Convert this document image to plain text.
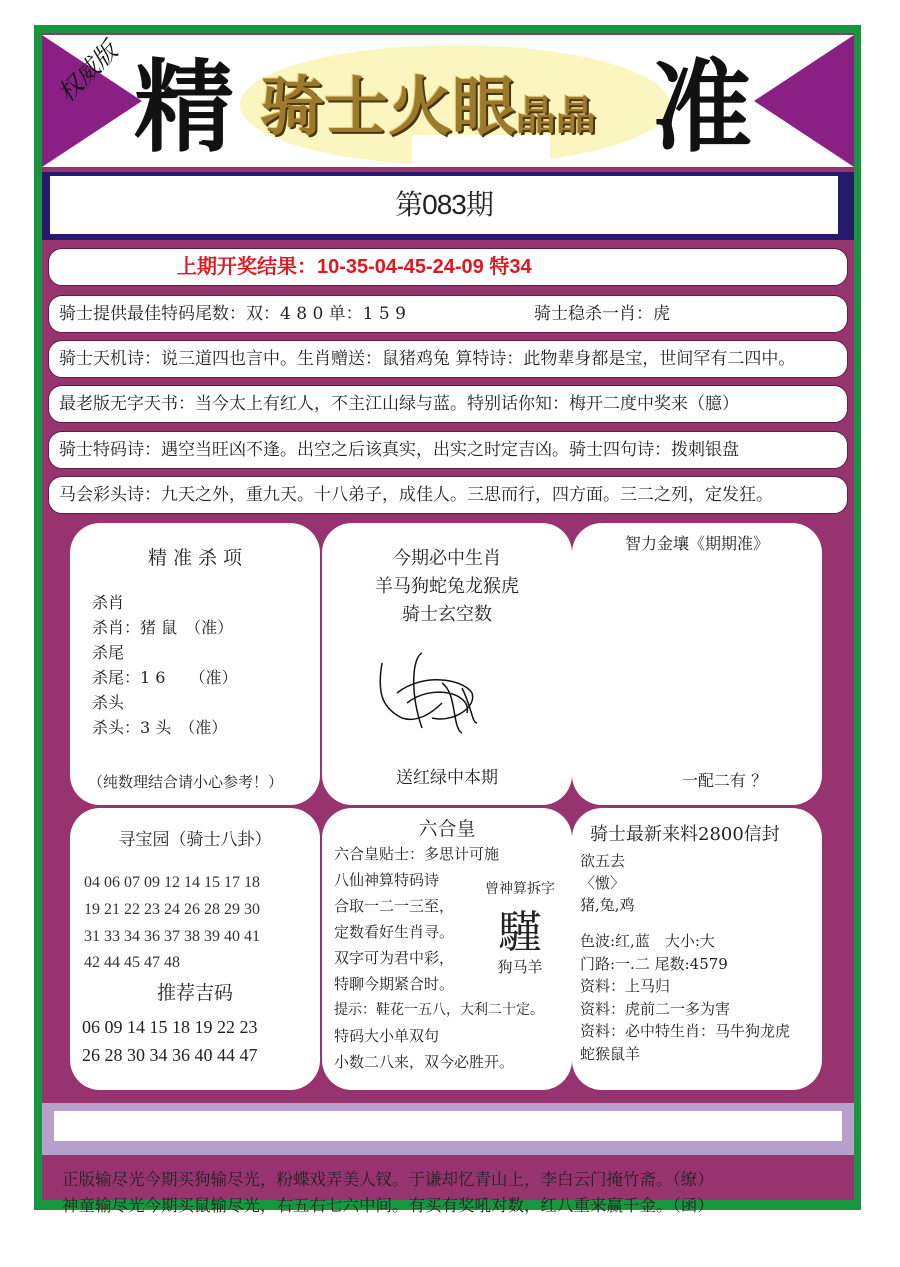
权威版 精 骑士火眼晶晶 准
第083期
上期开奖结果：10-35-04-45-24-09 特34
骑士提供最佳特码尾数：双：4 8 0 单：1 5 9	骑士稳杀一肖：虎
骑士天机诗：说三道四也言中。生肖赠送：鼠猪鸡兔 算特诗：此物辈身都是宝，世间罕有二四中。
最老版无字天书：当今太上有红人，不主江山绿与蓝。特别话你知：梅开二度中奖来（臆）
骑士特码诗：遇空当旺凶不逢。出空之后该真实，出实之时定吉凶。骑士四句诗：拨刺银盘
马会彩头诗：九天之外，重九天。十八弟子，成佳人。三思而行，四方面。三二之列，定发狂。
精 准 杀 项
杀肖
杀肖：猪 鼠　（准）
杀尾
杀尾：1 6　　（准）
杀头
杀头：3 头　（准）
（纯数理结合请小心参考！）
今期必中生肖
羊马狗蛇兔龙猴虎
骑士玄空数
送红绿中本期
智力金壤《期期准》
一配二有 ？
寻宝园（骑士八卦）
04 06 07 09 12 14 15 17 18
19 21 22 23 24 26 28 29 30
31 33 34 36 37 38 39 40 41
42 44 45 47 48
推荐吉码
06 09 14 15 18 19 22 23
26 28 30 34 36 40 44 47
六合皇
六合皇贴士：多思计可施
八仙神算特码诗
合取一二一三至，
定数看好生肖寻。
双字可为君中彩，
特聊今期紧合时。
提示：鞋花一五八，大利二十定。
特码大小单双句
小数二八来，双今必胜开。
曾神算拆字
騹
狗马羊
骑士最新来料2800信封
欲五去
〈憿〉
猪,兔,鸡
色波:红,蓝　大小:大
门路:一.二 尾数:4579
资料：上马归
资料：虎前二一多为害
资料：必中特生肖：马牛狗龙虎
蛇猴鼠羊
正版输尽光今期买狗输尽光，粉蝶戏弄美人钗。于谦却忆青山上，李白云门掩竹斋。（缭）
神童输尽光今期买鼠输尽光，右五右七六中间。有买有奖吼对数，红八重来赢千金。（函）
